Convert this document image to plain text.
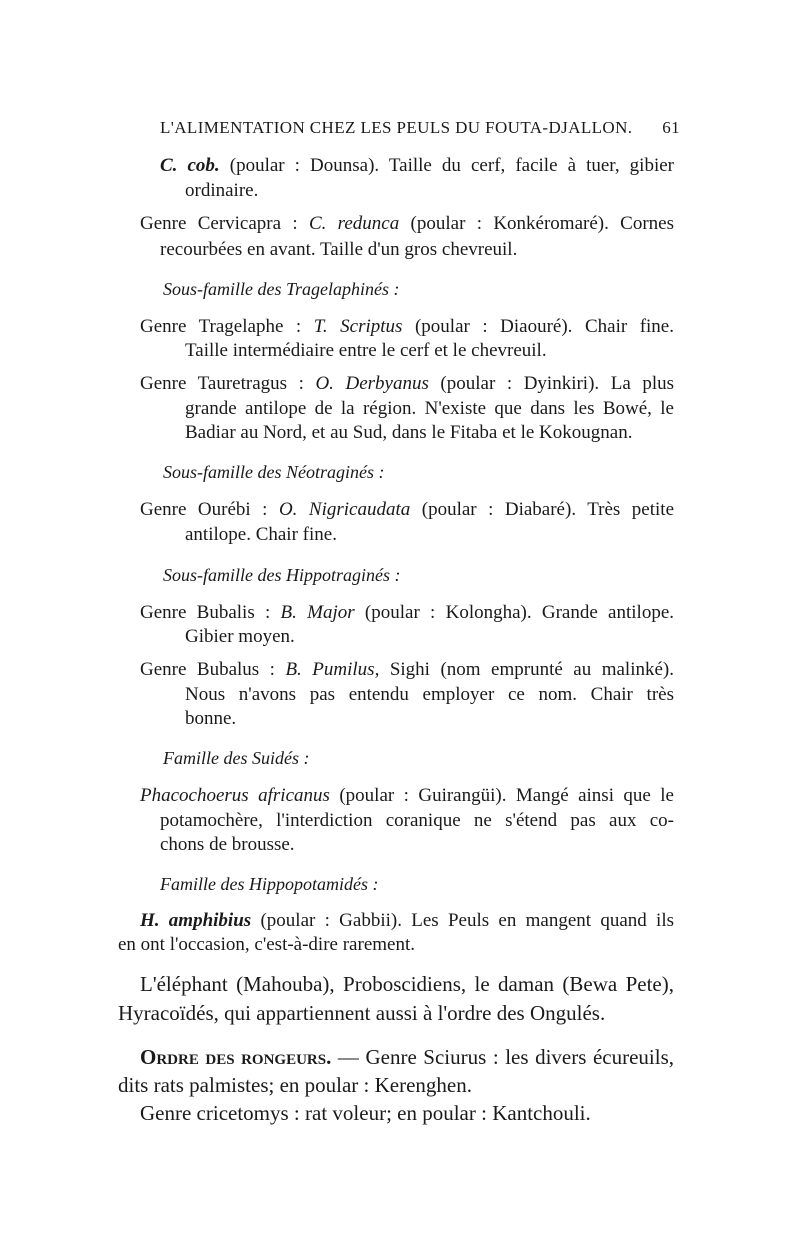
L'ALIMENTATION CHEZ LES PEULS DU FOUTA-DJALLON. 61
C. cob. (poular : Dounsa). Taille du cerf, facile à tuer, gibier
ordinaire.
Genre Cervicapra : C. redunca (poular : Konkéromaré). Cornes
recourbées en avant. Taille d'un gros chevreuil.
Sous-famille des Tragelaphinés :
Genre Tragelaphe : T. Scriptus (poular : Diaouré). Chair fine.
Taille intermédiaire entre le cerf et le chevreuil.
Genre Tauretragus : O. Derbyanus (poular : Dyinkiri). La plus
grande antilope de la région. N'existe que dans les Bowé, le
Badiar au Nord, et au Sud, dans le Fitaba et le Kokougnan.
Sous-famille des Néotraginés :
Genre Ourébi : O. Nigricaudata (poular : Diabaré). Très petite
antilope. Chair fine.
Sous-famille des Hippotraginés :
Genre Bubalis : B. Major (poular : Kolongha). Grande antilope.
Gibier moyen.
Genre Bubalus : B. Pumilus, Sighi (nom emprunté au malinké).
Nous n'avons pas entendu employer ce nom. Chair très
bonne.
Famille des Suidés :
Phacochoerus africanus (poular : Guirangüi). Mangé ainsi que le
potamochère, l'interdiction coranique ne s'étend pas aux co-
chons de brousse.
Famille des Hippopotamidés :
H. amphibius (poular : Gabbii). Les Peuls en mangent quand ils
en ont l'occasion, c'est-à-dire rarement.
L'éléphant (Mahouba), Proboscidiens, le daman (Bewa Pete),
Hyracoïdés, qui appartiennent aussi à l'ordre des Ongulés.
Ordre des rongeurs. — Genre Sciurus : les divers écureuils,
dits rats palmistes; en poular : Kerenghen.
Genre cricetomys : rat voleur; en poular : Kantchouli.
